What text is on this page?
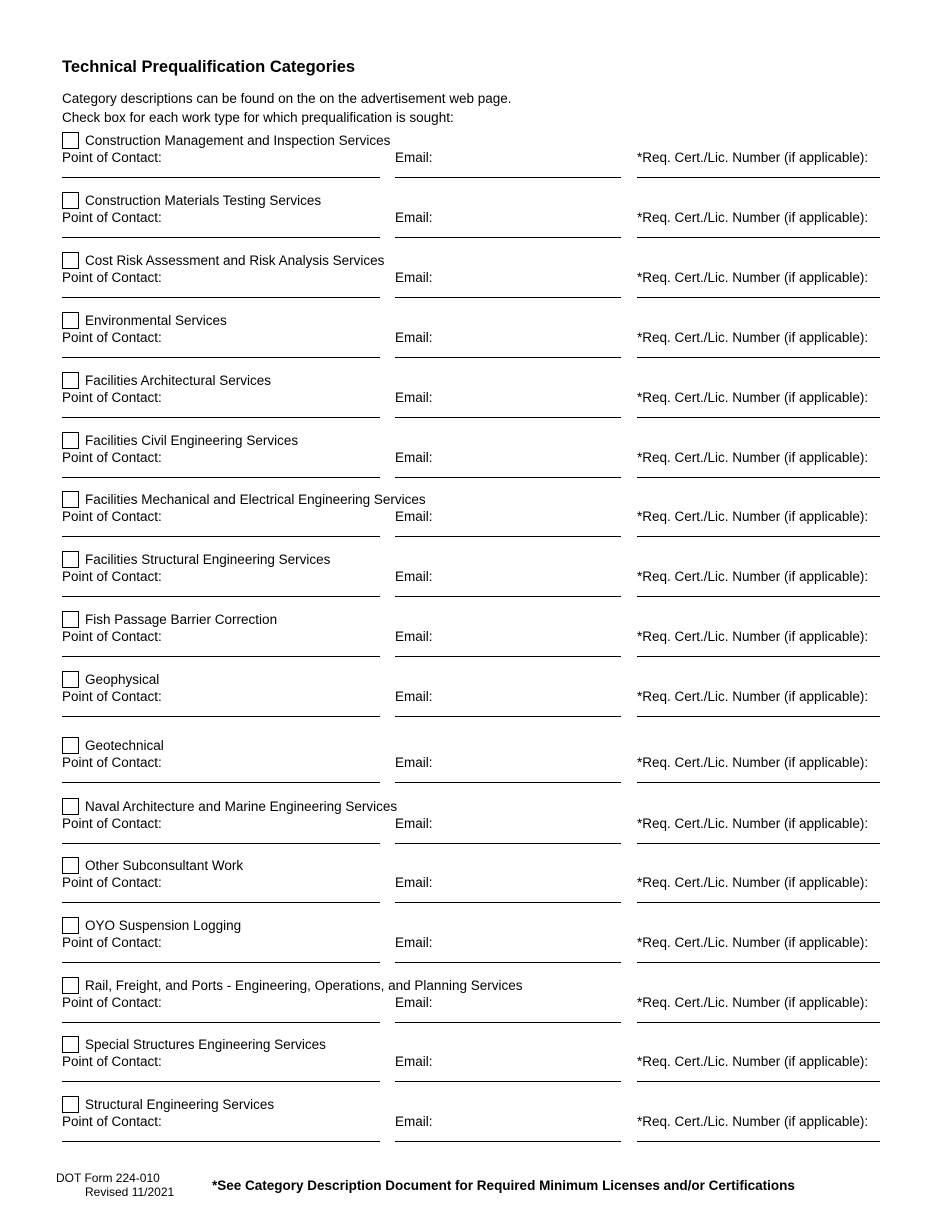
Technical Prequalification Categories
Category descriptions can be found on the on the advertisement web page.
Check box for each work type for which prequalification is sought:
Construction Management and Inspection Services
Point of Contact:	Email:	*Req. Cert./Lic. Number (if applicable):
Construction Materials Testing Services
Point of Contact:	Email:	*Req. Cert./Lic. Number (if applicable):
Cost Risk Assessment and Risk Analysis Services
Point of Contact:	Email:	*Req. Cert./Lic. Number (if applicable):
Environmental Services
Point of Contact:	Email:	*Req. Cert./Lic. Number (if applicable):
Facilities Architectural Services
Point of Contact:	Email:	*Req. Cert./Lic. Number (if applicable):
Facilities Civil Engineering Services
Point of Contact:	Email:	*Req. Cert./Lic. Number (if applicable):
Facilities Mechanical and Electrical Engineering Services
Point of Contact:	Email:	*Req. Cert./Lic. Number (if applicable):
Facilities Structural Engineering Services
Point of Contact:	Email:	*Req. Cert./Lic. Number (if applicable):
Fish Passage Barrier Correction
Point of Contact:	Email:	*Req. Cert./Lic. Number (if applicable):
Geophysical
Point of Contact:	Email:	*Req. Cert./Lic. Number (if applicable):
Geotechnical
Point of Contact:	Email:	*Req. Cert./Lic. Number (if applicable):
Naval Architecture and Marine Engineering Services
Point of Contact:	Email:	*Req. Cert./Lic. Number (if applicable):
Other Subconsultant Work
Point of Contact:	Email:	*Req. Cert./Lic. Number (if applicable):
OYO Suspension Logging
Point of Contact:	Email:	*Req. Cert./Lic. Number (if applicable):
Rail, Freight, and Ports - Engineering, Operations, and Planning Services
Point of Contact:	Email:	*Req. Cert./Lic. Number (if applicable):
Special Structures Engineering Services
Point of Contact:	Email:	*Req. Cert./Lic. Number (if applicable):
Structural Engineering Services
Point of Contact:	Email:	*Req. Cert./Lic. Number (if applicable):
DOT Form 224-010
Revised 11/2021	*See Category Description Document for Required Minimum Licenses and/or Certifications
